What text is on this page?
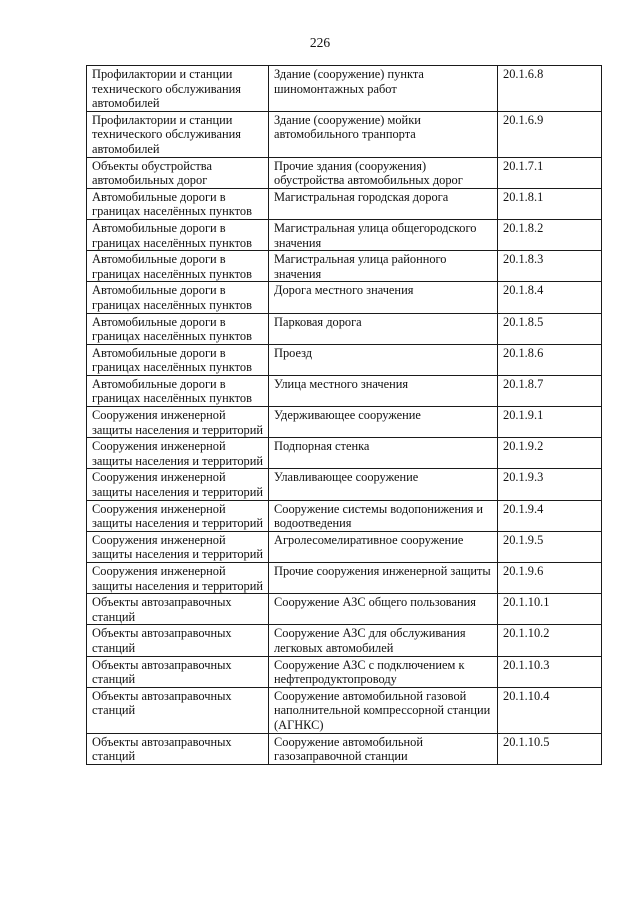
226
Профилактории и станции технического обслуживания автомобилей	Здание (сооружение) пункта шиномонтажных работ	20.1.6.8
Профилактории и станции технического обслуживания автомобилей	Здание (сооружение) мойки автомобильного транпорта	20.1.6.9
Объекты обустройства автомобильных дорог	Прочие здания (сооружения) обустройства автомобильных дорог	20.1.7.1
Автомобильные дороги в границах населённых пунктов	Магистральная городская дорога	20.1.8.1
Автомобильные дороги в границах населённых пунктов	Магистральная улица общегородского значения	20.1.8.2
Автомобильные дороги в границах населённых пунктов	Магистральная улица районного значения	20.1.8.3
Автомобильные дороги в границах населённых пунктов	Дорога местного значения	20.1.8.4
Автомобильные дороги в границах населённых пунктов	Парковая дорога	20.1.8.5
Автомобильные дороги в границах населённых пунктов	Проезд	20.1.8.6
Автомобильные дороги в границах населённых пунктов	Улица местного значения	20.1.8.7
Сооружения инженерной защиты населения и территорий	Удерживающее сооружение	20.1.9.1
Сооружения инженерной защиты населения и территорий	Подпорная стенка	20.1.9.2
Сооружения инженерной защиты населения и территорий	Улавливающее сооружение	20.1.9.3
Сооружения инженерной защиты населения и территорий	Сооружение системы водопонижения и водоотведения	20.1.9.4
Сооружения инженерной защиты населения и территорий	Агролесомелиративное сооружение	20.1.9.5
Сооружения инженерной защиты населения и территорий	Прочие сооружения инженерной защиты	20.1.9.6
Объекты автозаправочных станций	Сооружение АЗС общего пользования	20.1.10.1
Объекты автозаправочных станций	Сооружение АЗС для обслуживания легковых автомобилей	20.1.10.2
Объекты автозаправочных станций	Сооружение АЗС с подключением к нефтепродуктопроводу	20.1.10.3
Объекты автозаправочных станций	Сооружение автомобильной газовой наполнительной компрессорной станции (АГНКС)	20.1.10.4
Объекты автозаправочных станций	Сооружение автомобильной газозаправочной станции	20.1.10.5
